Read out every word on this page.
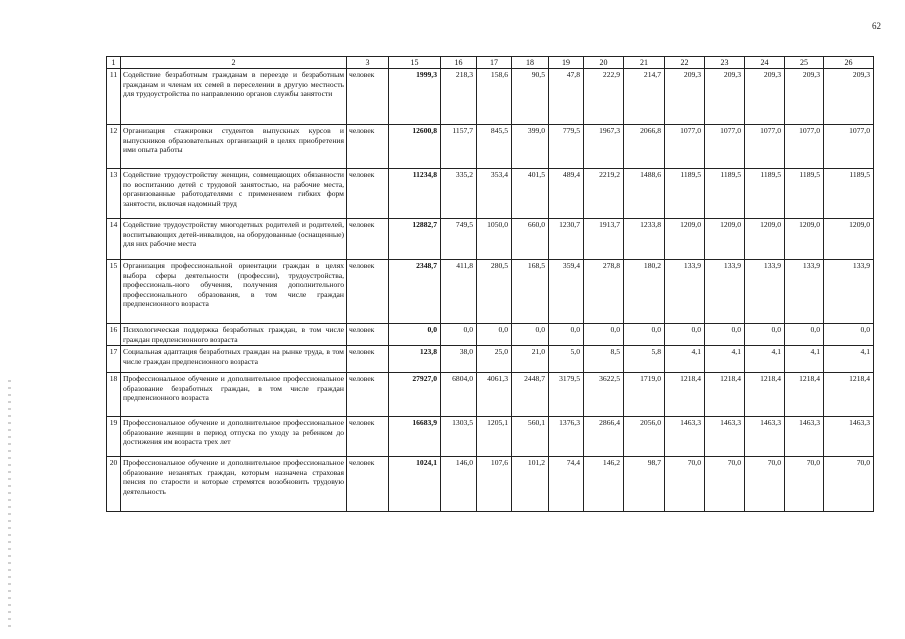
62
1	2	3	15	16	17	18	19	20	21	22	23	24	25	26
11	Содействие безработным гражданам в переезде и безработным гражданам и членам их семей в переселении в другую местность для трудоустройства по направлению органов службы занятости	человек	1999,3	218,3	158,6	90,5	47,8	222,9	214,7	209,3	209,3	209,3	209,3	209,3
12	Организация стажировки студентов выпускных курсов и выпускников образовательных организаций в целях приобретения ими опыта работы	человек	12600,8	1157,7	845,5	399,0	779,5	1967,3	2066,8	1077,0	1077,0	1077,0	1077,0	1077,0
13	Содействие трудоустройству женщин, совмещающих обязанности по воспитанию детей с трудовой занятостью, на рабочие места, организованные работодателями с применением гибких форм занятости, включая надомный труд	человек	11234,8	335,2	353,4	401,5	489,4	2219,2	1488,6	1189,5	1189,5	1189,5	1189,5	1189,5
14	Содействие трудоустройству многодетных родителей и родителей, воспитывающих детей-инвалидов, на оборудованные (оснащенные) для них рабочие места	человек	12882,7	749,5	1050,0	660,0	1230,7	1913,7	1233,8	1209,0	1209,0	1209,0	1209,0	1209,0
15	Организация профессиональной ориентации граждан в целях выбора сферы деятельности (профессии), трудоустройства, профессиональ-ного обучения, получения дополнительного профессионального образования, в том числе граждан предпенсионного возраста	человек	2348,7	411,8	280,5	168,5	359,4	278,8	180,2	133,9	133,9	133,9	133,9	133,9
16	Психологическая поддержка безработных граждан, в том числе граждан предпенсионного возраста	человек	0,0	0,0	0,0	0,0	0,0	0,0	0,0	0,0	0,0	0,0	0,0	0,0
17	Социальная адаптация безработных граждан на рынке труда, в том числе граждан предпенсионного возраста	человек	123,8	38,0	25,0	21,0	5,0	8,5	5,8	4,1	4,1	4,1	4,1	4,1
18	Профессиональное обучение и дополнительное профессиональное образование безработных граждан, в том числе граждан предпенсионного возраста	человек	27927,0	6804,0	4061,3	2448,7	3179,5	3622,5	1719,0	1218,4	1218,4	1218,4	1218,4	1218,4
19	Профессиональное обучение и дополнительное профессиональное образование женщин в период отпуска по уходу за ребенком до достижения им возраста трех лет	человек	16683,9	1303,5	1205,1	560,1	1376,3	2866,4	2056,0	1463,3	1463,3	1463,3	1463,3	1463,3
20	Профессиональное обучение и дополнительное профессиональное образование незанятых граждан, которым назначена страховая пенсия по старости и которые стремятся возобновить трудовую деятельность	человек	1024,1	146,0	107,6	101,2	74,4	146,2	98,7	70,0	70,0	70,0	70,0	70,0
